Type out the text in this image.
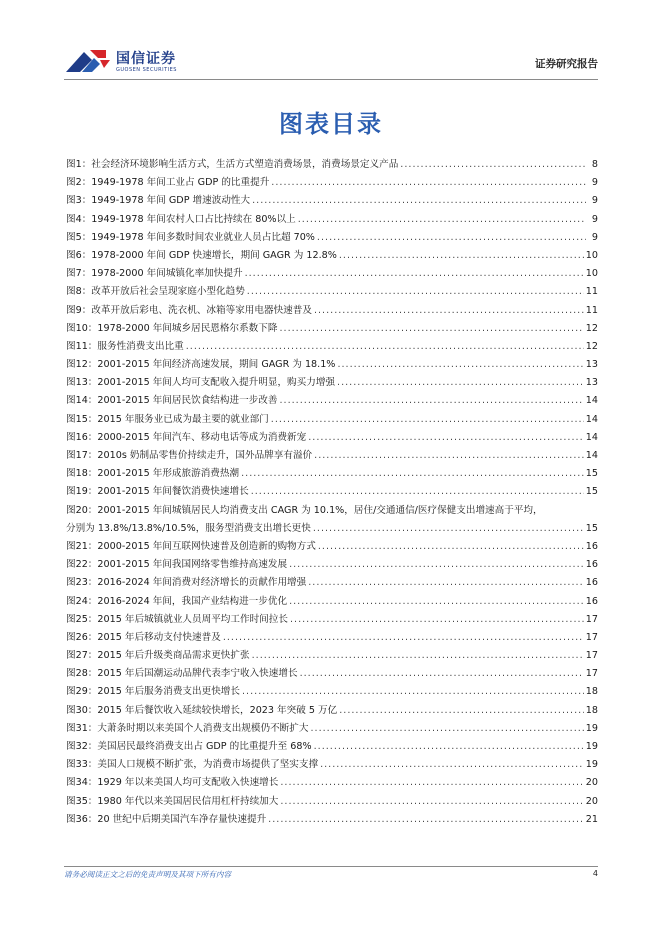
国信证券
GUOSEN SECURITIES	证券研究报告
图表目录
图1： 社会经济环境影响生活方式，生活方式塑造消费场景，消费场景定义产品 .....	8
图2： 1949-1978 年间工业占 GDP 的比重提升 .....	9
图3： 1949-1978 年间 GDP 增速波动性大 .....	9
图4： 1949-1978 年间农村人口占比持续在 80%以上 .....	9
图5： 1949-1978 年间多数时间农业就业人员占比超 70% .....	9
图6： 1978-2000 年间 GDP 快速增长，期间 GAGR 为 12.8% .....	10
图7： 1978-2000 年间城镇化率加快提升 .....	10
图8： 改革开放后社会呈现家庭小型化趋势 .....	11
图9： 改革开放后彩电、洗衣机、冰箱等家用电器快速普及 .....	11
图10： 1978-2000 年间城乡居民恩格尔系数下降 .....	12
图11： 服务性消费支出比重 .....	12
图12： 2001-2015 年间经济高速发展，期间 GAGR 为 18.1% .....	13
图13： 2001-2015 年间人均可支配收入提升明显，购买力增强 .....	13
图14： 2001-2015 年间居民饮食结构进一步改善 .....	14
图15： 2015 年服务业已成为最主要的就业部门 .....	14
图16： 2000-2015 年间汽车、移动电话等成为消费新宠 .....	14
图17： 2010s 奶制品零售价持续走升，国外品牌享有溢价 .....	14
图18： 2001-2015 年形成旅游消费热潮 .....	15
图19： 2001-2015 年间餐饮消费快速增长 .....	15
图20：2001-2015 年间城镇居民人均消费支出 CAGR 为 10.1%，居住/交通通信/医疗保健支出增速高于平均，
分别为 13.8%/13.8%/10.5%，服务型消费支出增长更快 .....	15
图21： 2000-2015 年间互联网快速普及创造新的购物方式 .....	16
图22： 2001-2015 年间我国网络零售维持高速发展 .....	16
图23： 2016-2024 年间消费对经济增长的贡献作用增强 .....	16
图24： 2016-2024 年间，我国产业结构进一步优化 .....	16
图25： 2015 年后城镇就业人员周平均工作时间拉长 .....	17
图26： 2015 年后移动支付快速普及 .....	17
图27： 2015 年后升级类商品需求更快扩张 .....	17
图28： 2015 年后国潮运动品牌代表李宁收入快速增长 .....	17
图29： 2015 年后服务消费支出更快增长 .....	18
图30： 2015 年后餐饮收入延续较快增长，2023 年突破 5 万亿 .....	18
图31： 大萧条时期以来美国个人消费支出规模仍不断扩大 .....	19
图32： 美国居民最终消费支出占 GDP 的比重提升至 68% .....	19
图33： 美国人口规模不断扩张，为消费市场提供了坚实支撑 .....	19
图34： 1929 年以来美国人均可支配收入快速增长 .....	20
图35： 1980 年代以来美国居民信用杠杆持续加大 .....	20
图36： 20 世纪中后期美国汽车净存量快速提升 .....	21
请务必阅读正文之后的免责声明及其项下所有内容	4
